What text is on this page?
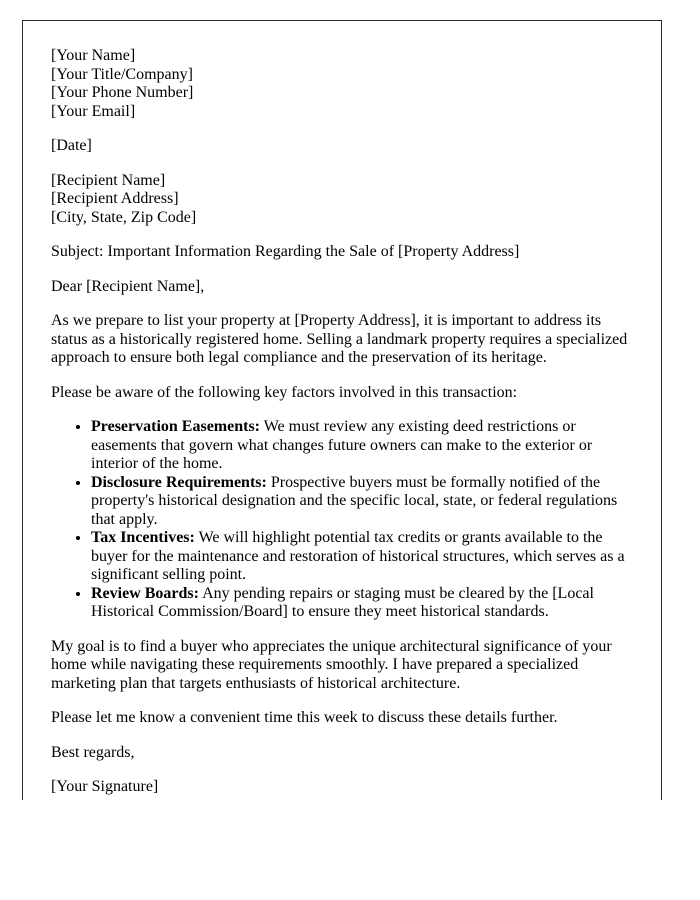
[Your Name]
[Your Title/Company]
[Your Phone Number]
[Your Email]

[Date]

[Recipient Name]
[Recipient Address]
[City, State, Zip Code]

Subject: Important Information Regarding the Sale of [Property Address]

Dear [Recipient Name],

As we prepare to list your property at [Property Address], it is important to address its status as a historically registered home. Selling a landmark property requires a specialized approach to ensure both legal compliance and the preservation of its heritage.

Please be aware of the following key factors involved in this transaction:

• Preservation Easements: We must review any existing deed restrictions or easements that govern what changes future owners can make to the exterior or interior of the home.
• Disclosure Requirements: Prospective buyers must be formally notified of the property's historical designation and the specific local, state, or federal regulations that apply.
• Tax Incentives: We will highlight potential tax credits or grants available to the buyer for the maintenance and restoration of historical structures, which serves as a significant selling point.
• Review Boards: Any pending repairs or staging must be cleared by the [Local Historical Commission/Board] to ensure they meet historical standards.

My goal is to find a buyer who appreciates the unique architectural significance of your home while navigating these requirements smoothly. I have prepared a specialized marketing plan that targets enthusiasts of historical architecture.

Please let me know a convenient time this week to discuss these details further.

Best regards,

[Your Signature]
